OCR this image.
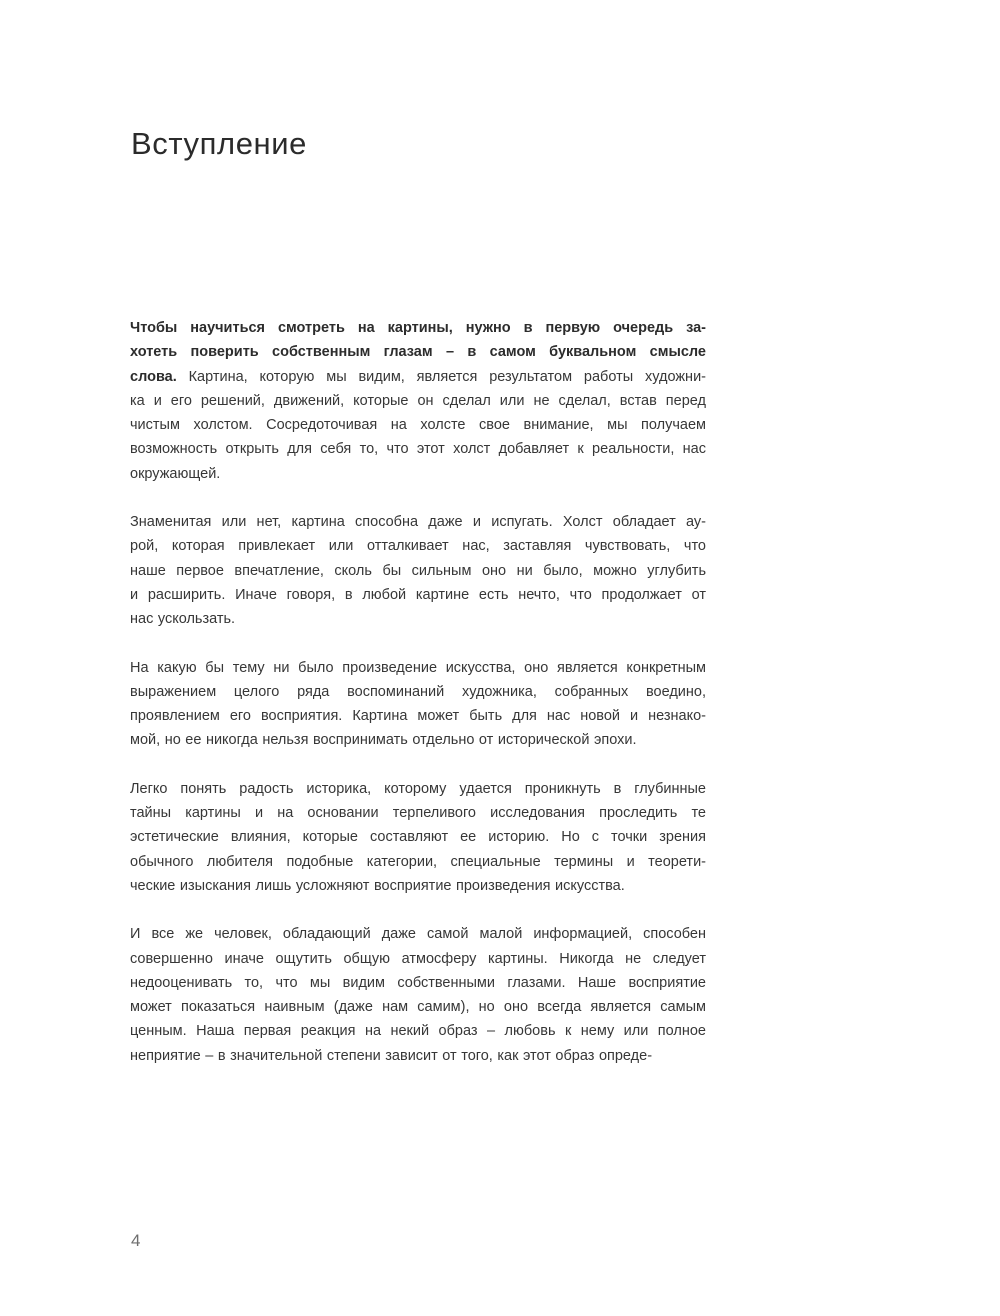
Вступление
Чтобы научиться смотреть на картины, нужно в первую очередь за-
хотеть поверить собственным глазам – в самом буквальном смысле
слова. Картина, которую мы видим, является результатом работы художни-
ка и его решений, движений, которые он сделал или не сделал, встав перед
чистым холстом. Сосредоточивая на холсте свое внимание, мы получаем
возможность открыть для себя то, что этот холст добавляет к реальности, нас
окружающей.
Знаменитая или нет, картина способна даже и испугать. Холст обладает ау-
рой, которая привлекает или отталкивает нас, заставляя чувствовать, что
наше первое впечатление, сколь бы сильным оно ни было, можно углубить
и расширить. Иначе говоря, в любой картине есть нечто, что продолжает от
нас ускользать.
На какую бы тему ни было произведение искусства, оно является конкретным
выражением целого ряда воспоминаний художника, собранных воедино,
проявлением его восприятия. Картина может быть для нас новой и незнако-
мой, но ее никогда нельзя воспринимать отдельно от исторической эпохи.
Легко понять радость историка, которому удается проникнуть в глубинные
тайны картины и на основании терпеливого исследования проследить те
эстетические влияния, которые составляют ее историю. Но с точки зрения
обычного любителя подобные категории, специальные термины и теорети-
ческие изыскания лишь усложняют восприятие произведения искусства.
И все же человек, обладающий даже самой малой информацией, способен
совершенно иначе ощутить общую атмосферу картины. Никогда не следует
недооценивать то, что мы видим собственными глазами. Наше восприятие
может показаться наивным (даже нам самим), но оно всегда является самым
ценным. Наша первая реакция на некий образ – любовь к нему или полное
неприятие – в значительной степени зависит от того, как этот образ опреде-
4
